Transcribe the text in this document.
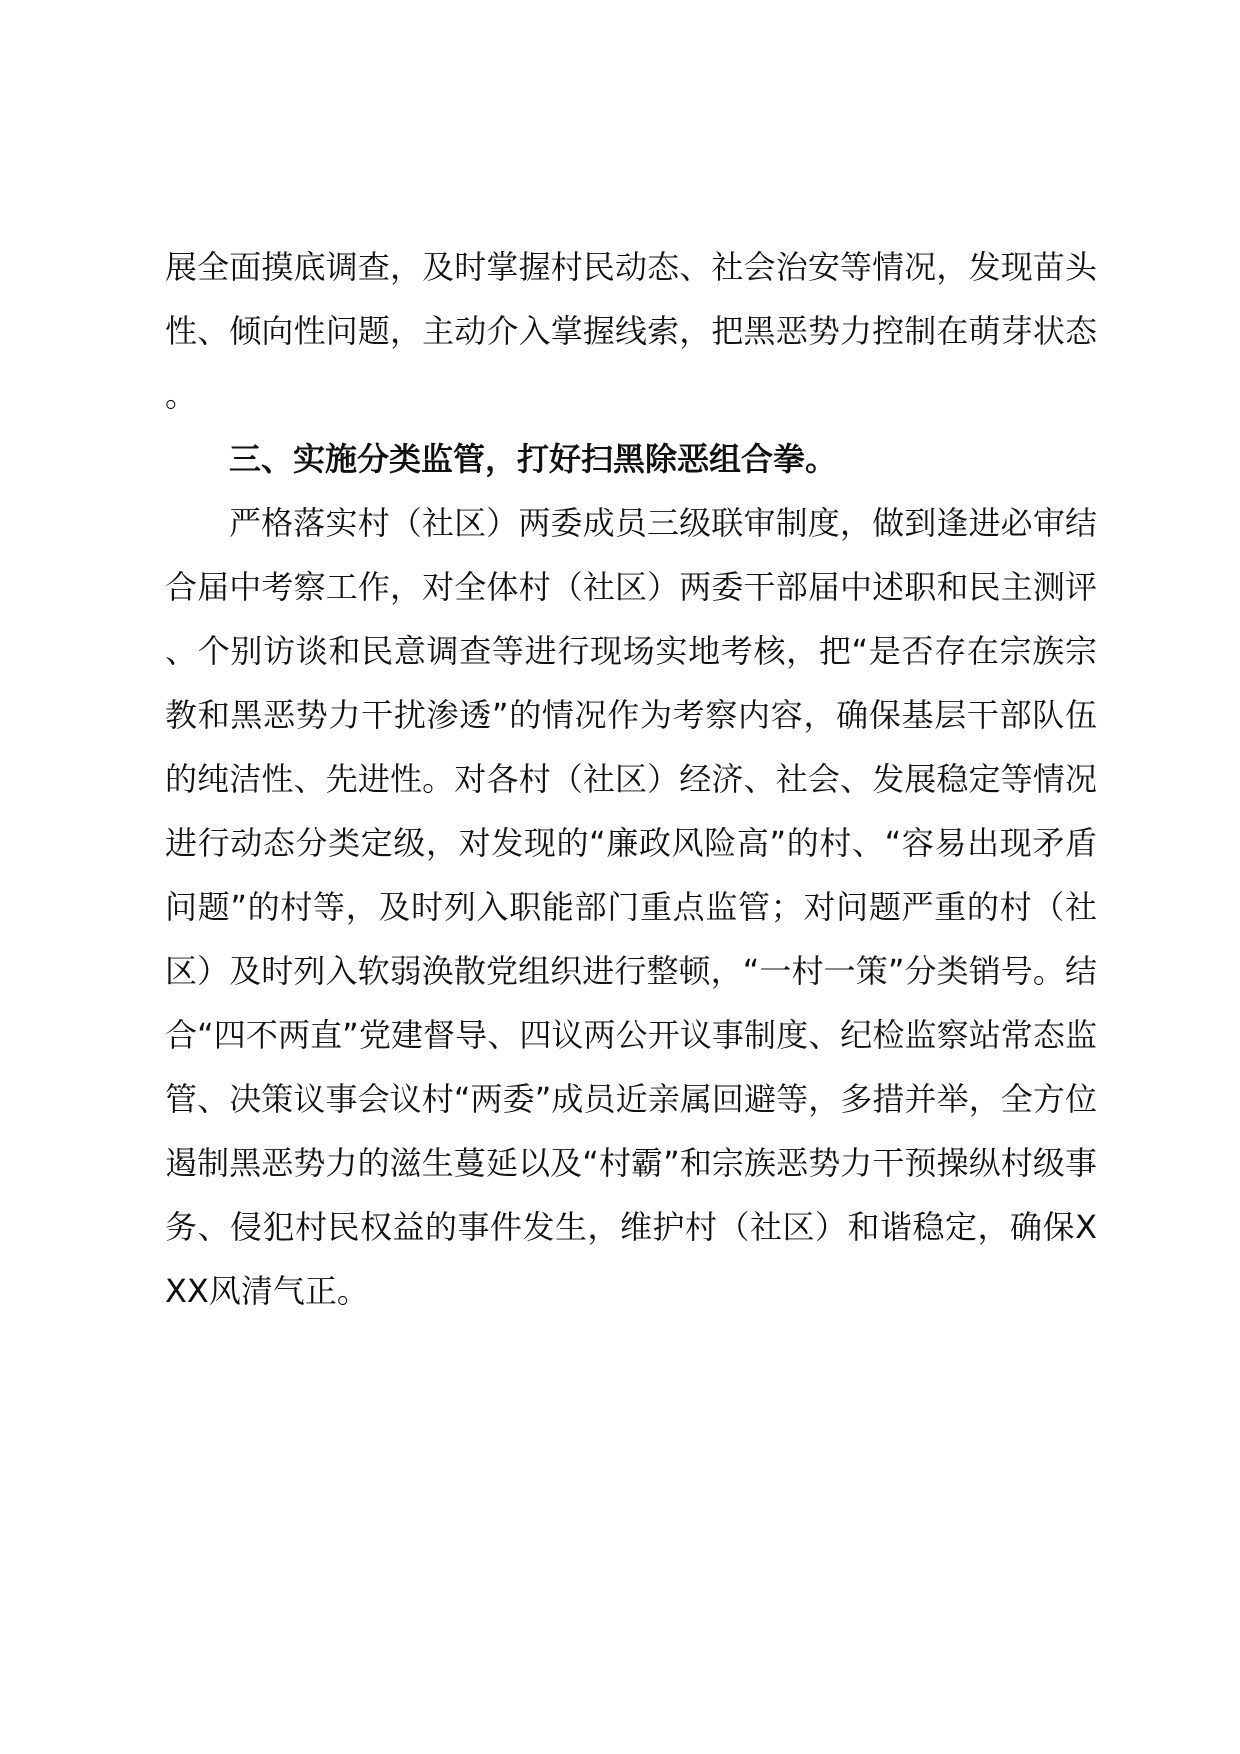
展全面摸底调查，及时掌握村民动态、社会治安等情况，发现苗头性、倾向性问题，主动介入掌握线索，把黑恶势力控制在萌芽状态。

三、实施分类监管，打好扫黑除恶组合拳。

严格落实村（社区）两委成员三级联审制度，做到逢进必审结合届中考察工作，对全体村（社区）两委干部届中述职和民主测评、个别访谈和民意调查等进行现场实地考核，把“是否存在宗族宗教和黑恶势力干扰渗透”的情况作为考察内容，确保基层干部队伍的纯洁性、先进性。对各村（社区）经济、社会、发展稳定等情况进行动态分类定级，对发现的“廉政风险高”的村、“容易出现矛盾问题”的村等，及时列入职能部门重点监管；对问题严重的村（社区）及时列入软弱涣散党组织进行整顿，“一村一策”分类销号。结合“四不两直”党建督导、四议两公开议事制度、纪检监察站常态监管、决策议事会议村“两委”成员近亲属回避等，多措并举，全方位遏制黑恶势力的滋生蔓延以及“村霸”和宗族恶势力干预操纵村级事务、侵犯村民权益的事件发生，维护村（社区）和谐稳定，确保XXX风清气正。
